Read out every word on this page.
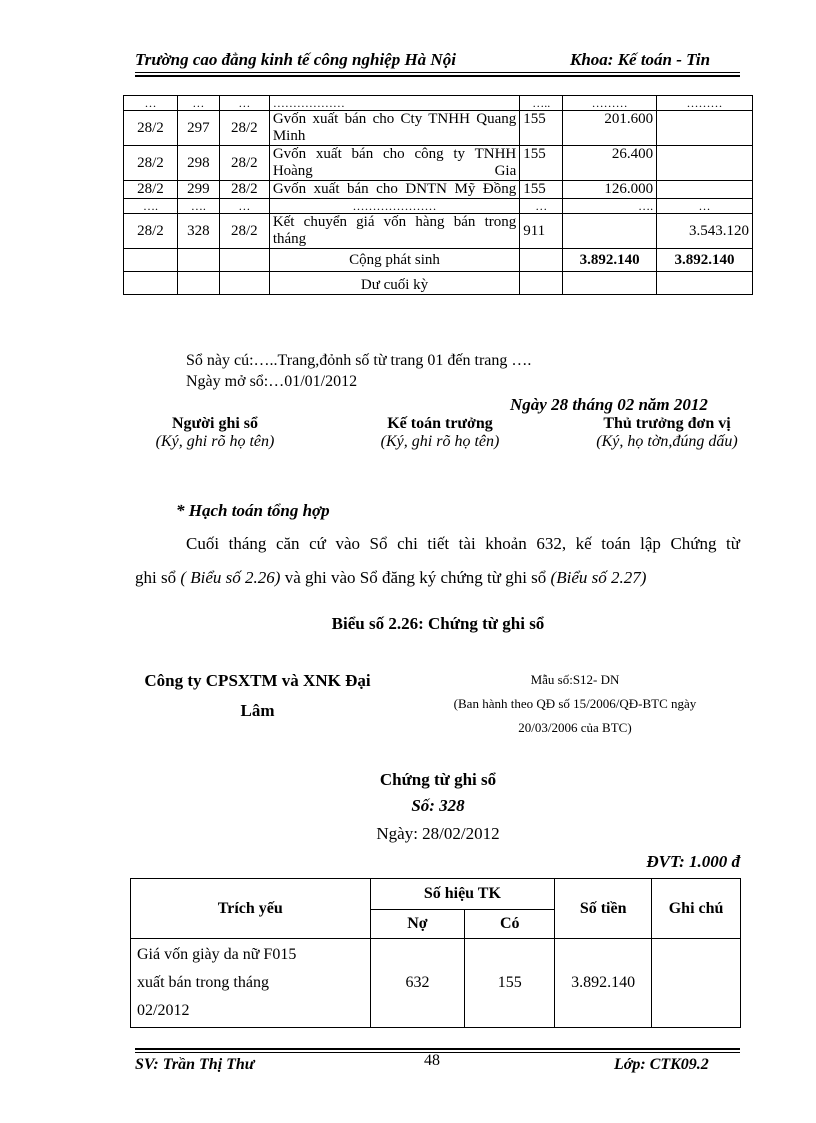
Trường cao đẳng kinh tế công nghiệp Hà Nội	Khoa: Kế toán - Tin
…	…	…	………………	…..	………	………
28/2	297	28/2	Gvốn xuất bán cho Cty TNHH Quang Minh	155	201.600	
28/2	298	28/2	Gvốn xuất bán cho công ty TNHH Hoàng Gia	155	26.400	
28/2	299	28/2	Gvốn xuất bán cho DNTN Mỹ Đồng	155	126.000	
….	….	…	…………………	…	….	…
28/2	328	28/2	Kết chuyển giá vốn hàng bán trong tháng	911		3.543.120
			Cộng phát sinh		3.892.140	3.892.140
			Dư cuối kỳ			
Sổ này cú:…..Trang,đỏnh số từ trang 01 đến trang ….
Ngày mở sổ:…01/01/2012
Ngày 28 tháng 02 năm 2012
Người ghi sổ
(Ký, ghi rõ họ tên)
Kế toán trưởng
(Ký, ghi rõ họ tên)
Thủ trưởng đơn vị
(Ký, họ tờn,đúng dấu)
* Hạch toán tổng hợp
Cuối tháng căn cứ vào Sổ chi tiết tài khoản 632, kế toán lập Chứng từ
ghi sổ ( Biểu số 2.26) và ghi vào Sổ đăng ký chứng từ ghi sổ (Biểu số 2.27)
Biểu số 2.26: Chứng từ ghi sổ
Công ty CPSXTM và XNK Đại
Lâm
Mẫu số:S12- DN
(Ban hành theo QĐ số 15/2006/QĐ-BTC ngày
20/03/2006 của BTC)
Chứng từ ghi sổ
Số: 328
Ngày: 28/02/2012
ĐVT: 1.000 đ
Trích yếu	Số hiệu TK		Số tiền	Ghi chú
	Nợ	Có		

Giá vốn giày da nữ F015
xuất bán trong tháng
02/2012	632	155	3.892.140	
SV: Trần Thị Thư	48	Lớp: CTK09.2
